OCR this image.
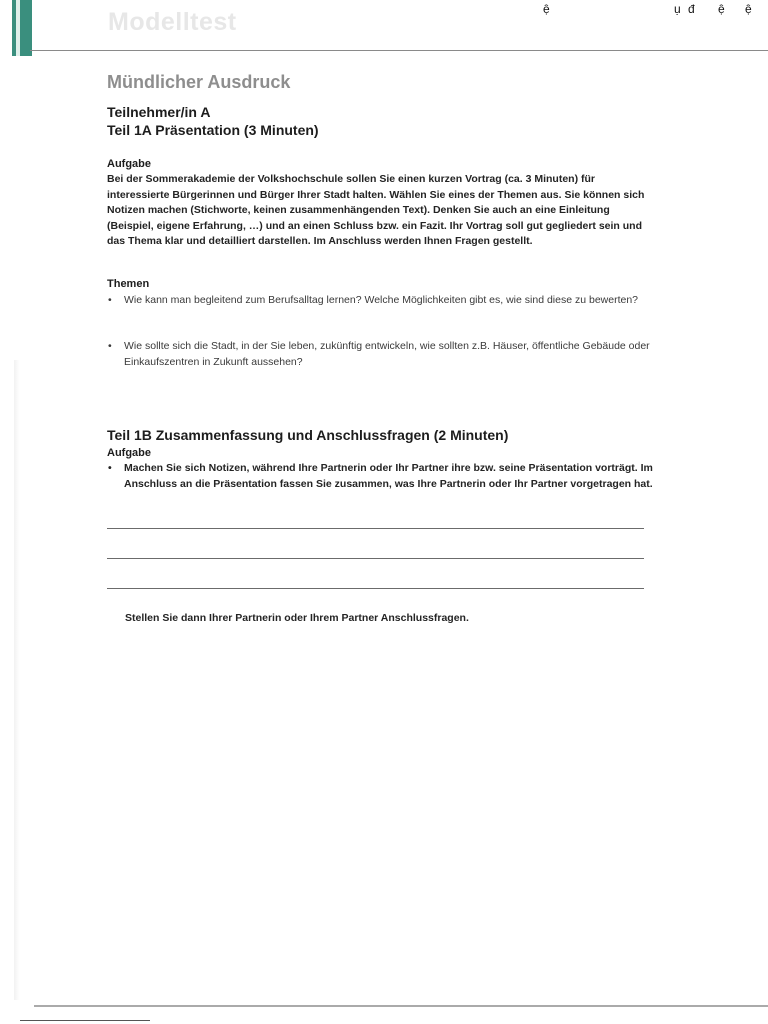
Modelltest	ệ	ụ đ ệ ệ
Mündlicher Ausdruck
Teilnehmer/in A
Teil 1A Präsentation (3 Minuten)
Aufgabe
Bei der Sommerakademie der Volkshochschule sollen Sie einen kurzen Vortrag (ca. 3 Minuten) für interessierte Bürgerinnen und Bürger Ihrer Stadt halten. Wählen Sie eines der Themen aus. Sie können sich Notizen machen (Stichworte, keinen zusammenhängenden Text). Denken Sie auch an eine Einleitung (Beispiel, eigene Erfahrung, …) und an einen Schluss bzw. ein Fazit. Ihr Vortrag soll gut gegliedert sein und das Thema klar und detailliert darstellen. Im Anschluss werden Ihnen Fragen gestellt.
Themen
• Wie kann man begleitend zum Berufsalltag lernen? Welche Möglichkeiten gibt es, wie sind diese zu bewerten?
• Wie sollte sich die Stadt, in der Sie leben, zukünftig entwickeln, wie sollten z.B. Häuser, öffentliche Gebäude oder Einkaufszentren in Zukunft aussehen?
Teil 1B Zusammenfassung und Anschlussfragen (2 Minuten)
Aufgabe
• Machen Sie sich Notizen, während Ihre Partnerin oder Ihr Partner ihre bzw. seine Präsentation vorträgt. Im Anschluss an die Präsentation fassen Sie zusammen, was Ihre Partnerin oder Ihr Partner vorgetragen hat.
Stellen Sie dann Ihrer Partnerin oder Ihrem Partner Anschlussfragen.
